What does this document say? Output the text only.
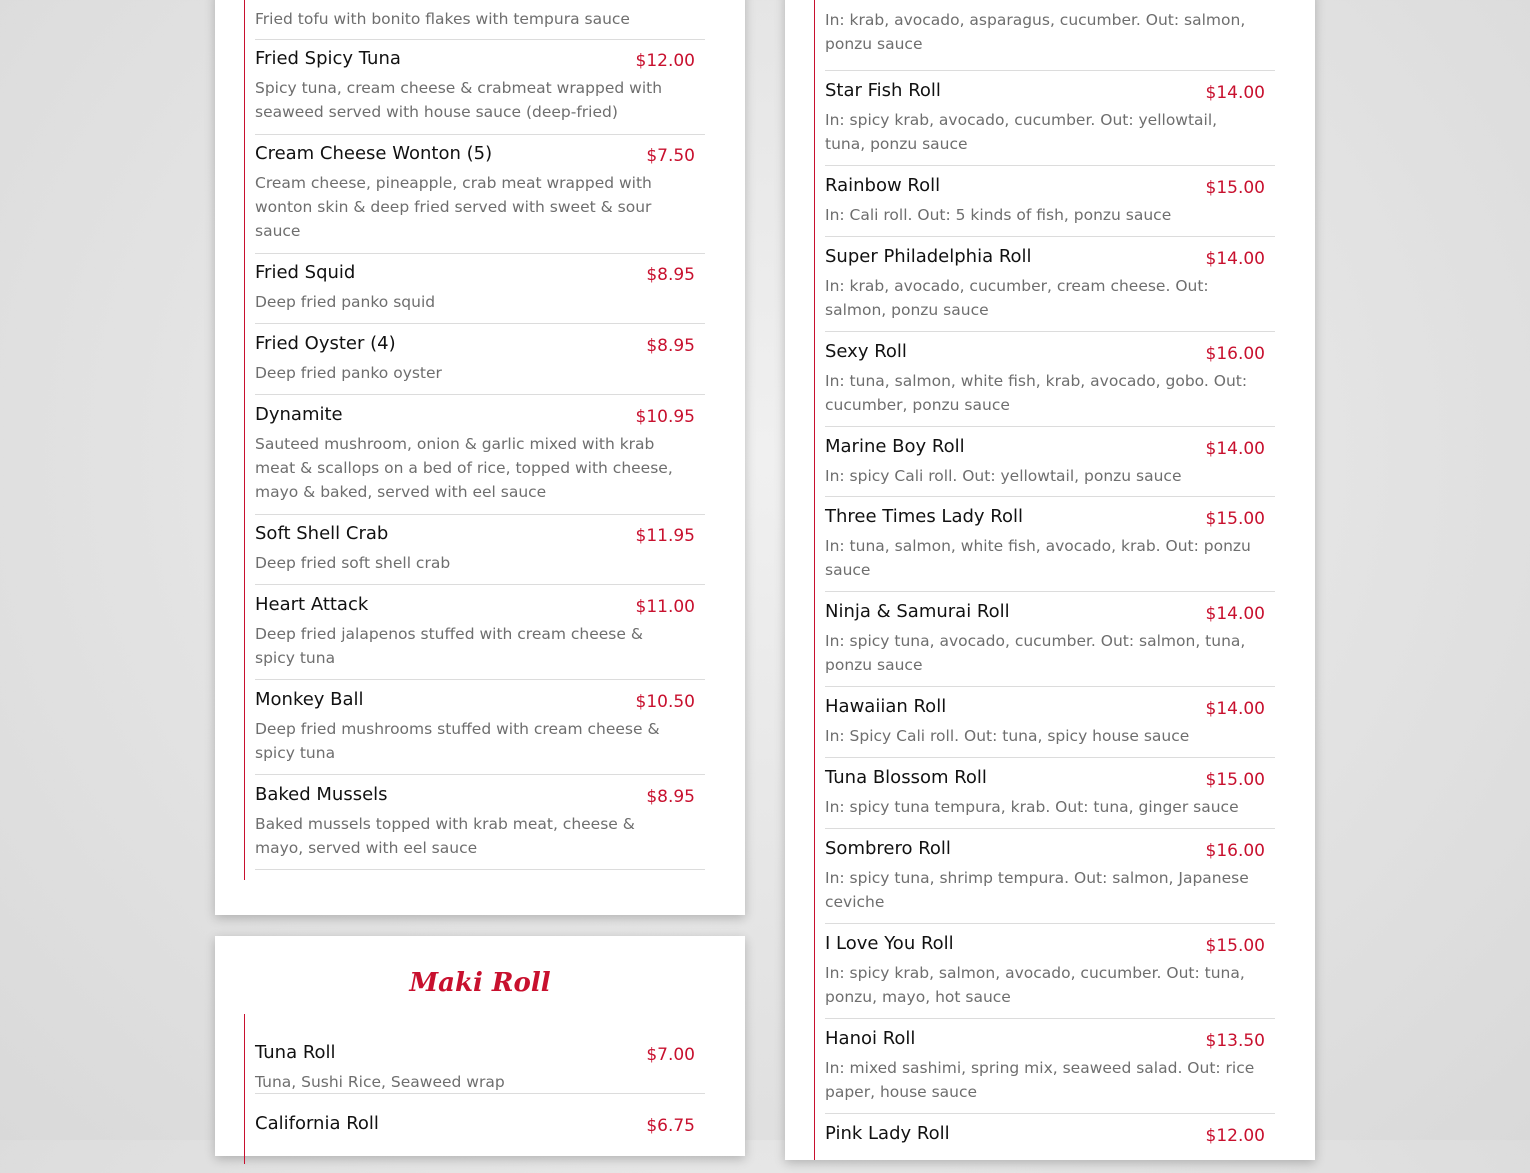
Fried tofu with bonito flakes with tempura sauce
Fried Spicy Tuna	$12.00
Spicy tuna, cream cheese & crabmeat wrapped with seaweed served with house sauce (deep-fried)
Cream Cheese Wonton (5)	$7.50
Cream cheese, pineapple, crab meat wrapped with wonton skin & deep fried served with sweet & sour sauce
Fried Squid	$8.95
Deep fried panko squid
Fried Oyster (4)	$8.95
Deep fried panko oyster
Dynamite	$10.95
Sauteed mushroom, onion & garlic mixed with krab meat & scallops on a bed of rice, topped with cheese, mayo & baked, served with eel sauce
Soft Shell Crab	$11.95
Deep fried soft shell crab
Heart Attack	$11.00
Deep fried jalapenos stuffed with cream cheese & spicy tuna
Monkey Ball	$10.50
Deep fried mushrooms stuffed with cream cheese & spicy tuna
Baked Mussels	$8.95
Baked mussels topped with krab meat, cheese & mayo, served with eel sauce
Maki Roll
Tuna Roll	$7.00
Tuna, Sushi Rice, Seaweed wrap
California Roll	$6.75
In: krab, avocado, asparagus, cucumber. Out: salmon, ponzu sauce
Star Fish Roll	$14.00
In: spicy krab, avocado, cucumber. Out: yellowtail, tuna, ponzu sauce
Rainbow Roll	$15.00
In: Cali roll. Out: 5 kinds of fish, ponzu sauce
Super Philadelphia Roll	$14.00
In: krab, avocado, cucumber, cream cheese. Out: salmon, ponzu sauce
Sexy Roll	$16.00
In: tuna, salmon, white fish, krab, avocado, gobo. Out: cucumber, ponzu sauce
Marine Boy Roll	$14.00
In: spicy Cali roll. Out: yellowtail, ponzu sauce
Three Times Lady Roll	$15.00
In: tuna, salmon, white fish, avocado, krab. Out: ponzu sauce
Ninja & Samurai Roll	$14.00
In: spicy tuna, avocado, cucumber. Out: salmon, tuna, ponzu sauce
Hawaiian Roll	$14.00
In: Spicy Cali roll. Out: tuna, spicy house sauce
Tuna Blossom Roll	$15.00
In: spicy tuna tempura, krab. Out: tuna, ginger sauce
Sombrero Roll	$16.00
In: spicy tuna, shrimp tempura. Out: salmon, Japanese ceviche
I Love You Roll	$15.00
In: spicy krab, salmon, avocado, cucumber. Out: tuna, ponzu, mayo, hot sauce
Hanoi Roll	$13.50
In: mixed sashimi, spring mix, seaweed salad. Out: rice paper, house sauce
Pink Lady Roll	$12.00
